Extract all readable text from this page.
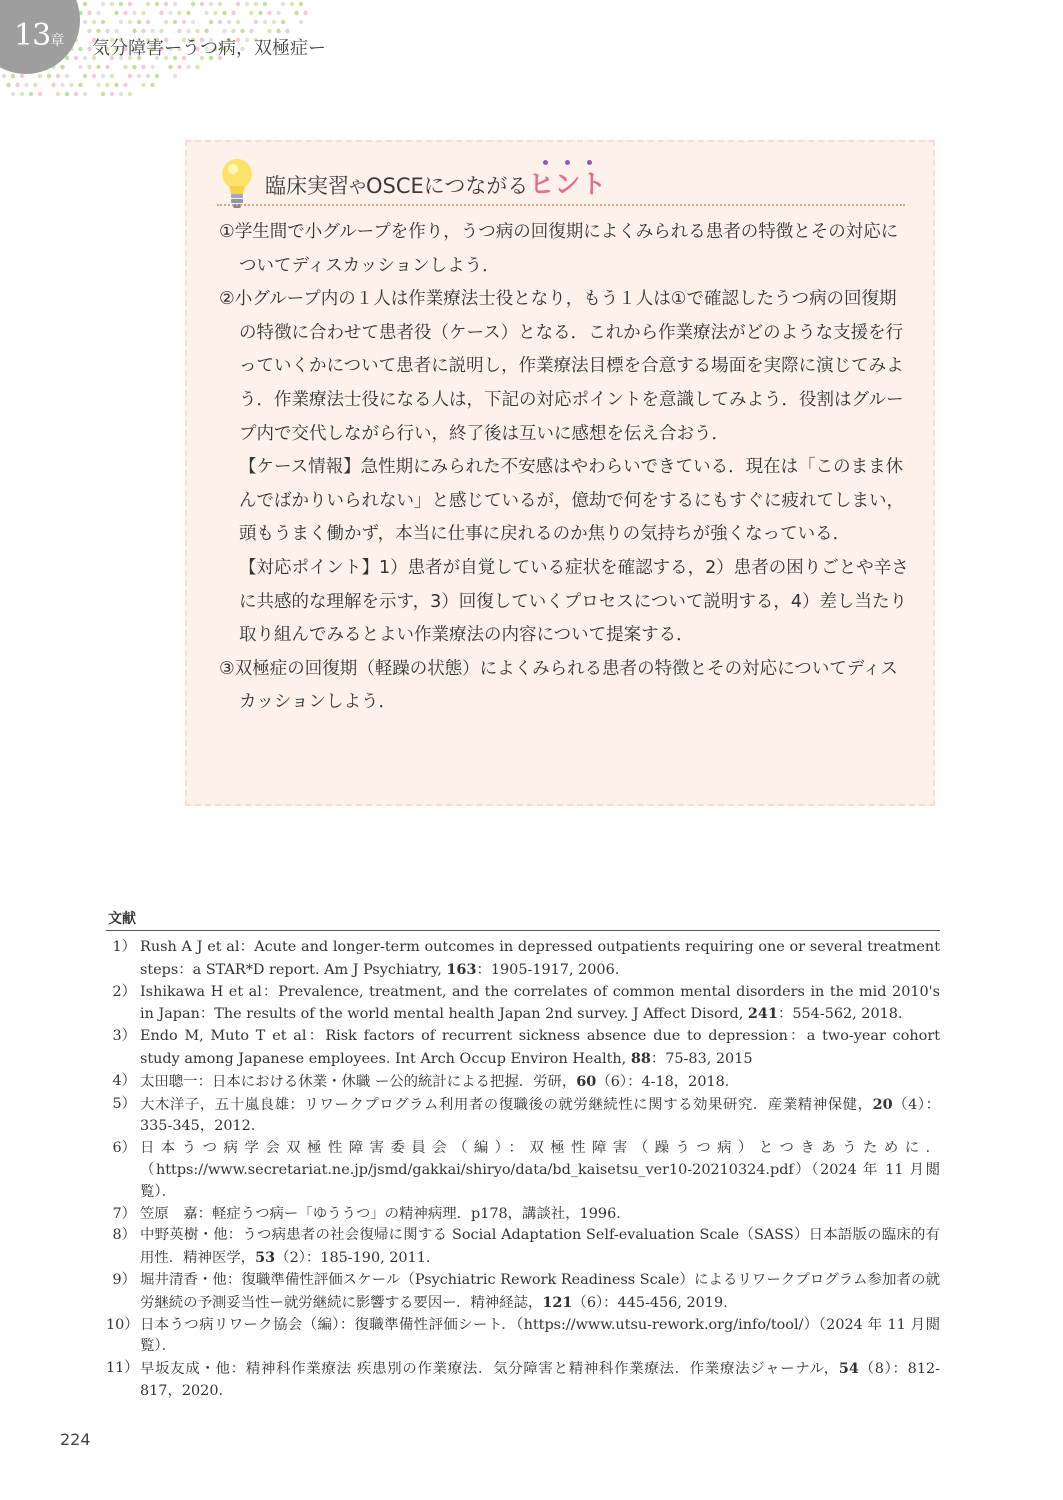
13章 気分障害ーうつ病，双極症ー
臨床実習やOSCEにつながる
ヒント

①学生間で小グループを作り，うつ病の回復期によくみられる患者の特徴とその対応についてディスカッションしよう．

②小グループ内の１人は作業療法士役となり，もう１人は①で確認したうつ病の回復期の特徴に合わせて患者役（ケース）となる．これから作業療法がどのような支援を行っていくかについて患者に説明し，作業療法目標を合意する場面を実際に演じてみよう．作業療法士役になる人は，下記の対応ポイントを意識してみよう．役割はグループ内で交代しながら行い，終了後は互いに感想を伝え合おう．

【ケース情報】急性期にみられた不安感はやわらいできている．現在は「このまま休んでばかりいられない」と感じているが，億劫で何をするにもすぐに疲れてしまい，頭もうまく働かず，本当に仕事に戻れるのか焦りの気持ちが強くなっている．

【対応ポイント】1）患者が自覚している症状を確認する，2）患者の困りごとや辛さに共感的な理解を示す，3）回復していくプロセスについて説明する，4）差し当たり取り組んでみるとよい作業療法の内容について提案する．

③双極症の回復期（軽躁の状態）によくみられる患者の特徴とその対応についてディスカッションしよう．

文献
1） Rush A J et al：Acute and longer-term outcomes in depressed outpatients requiring one or several treatment steps：a STAR*D report. Am J Psychiatry, 163：1905-1917, 2006.
2） Ishikawa H et al：Prevalence, treatment, and the correlates of common mental disorders in the mid 2010's in Japan：The results of the world mental health Japan 2nd survey. J Affect Disord, 241：554-562, 2018.
3） Endo M, Muto T et al：Risk factors of recurrent sickness absence due to depression：a two-year cohort study among Japanese employees. Int Arch Occup Environ Health, 88：75-83, 2015
4） 太田聰一：日本における休業・休職 ー公的統計による把握．労研，60（6）：4-18，2018．
5） 大木洋子，五十嵐良雄：リワークプログラム利用者の復職後の就労継続性に関する効果研究．産業精神保健，20（4）：335-345，2012．
6） 日本うつ病学会双極性障害委員会（編）：双極性障害（躁うつ病）とつきあうために．（https://www.secretariat.ne.jp/jsmd/gakkai/shiryo/data/bd_kaisetsu_ver10-20210324.pdf）（2024 年 11 月閲覧）．
7） 笠原　嘉：軽症うつ病ー「ゆううつ」の精神病理．p178，講談社，1996．
8） 中野英樹・他：うつ病患者の社会復帰に関する Social Adaptation Self-evaluation Scale（SASS）日本語版の臨床的有用性．精神医学，53（2）：185-190, 2011.
9） 堀井清香・他：復職準備性評価スケール（Psychiatric Rework Readiness Scale）によるリワークプログラム参加者の就労継続の予測妥当性ー就労継続に影響する要因ー．精神経誌，121（6）：445-456, 2019.
10） 日本うつ病リワーク協会（編）：復職準備性評価シート．（https://www.utsu-rework.org/info/tool/）（2024 年 11 月閲覧）．
11） 早坂友成・他：精神科作業療法 疾患別の作業療法．気分障害と精神科作業療法．作業療法ジャーナル，54（8）：812-817，2020．
224
